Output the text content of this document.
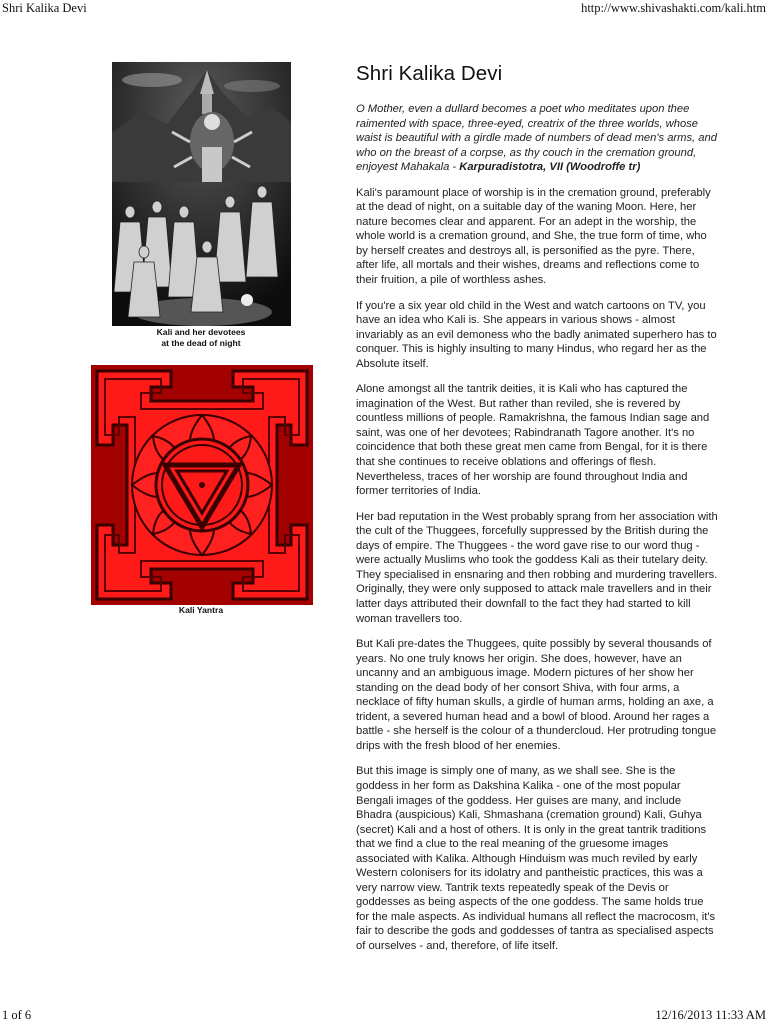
Shri Kalika Devi	http://www.shivashakti.com/kali.htm
Kali and her devotees
at the dead of night
Kali Yantra
Shri Kalika Devi

O Mother, even a dullard becomes a poet who meditates upon thee raimented with space, three-eyed, creatrix of the three worlds, whose waist is beautiful with a girdle made of numbers of dead men's arms, and who on the breast of a corpse, as thy couch in the cremation ground, enjoyest Mahakala - Karpuradistotra, VII (Woodroffe tr)

Kali's paramount place of worship is in the cremation ground, preferably at the dead of night, on a suitable day of the waning Moon. Here, her nature becomes clear and apparent. For an adept in the worship, the whole world is a cremation ground, and She, the true form of time, who by herself creates and destroys all, is personified as the pyre. There, after life, all mortals and their wishes, dreams and reflections come to their fruition, a pile of worthless ashes.

If you're a six year old child in the West and watch cartoons on TV, you have an idea who Kali is. She appears in various shows - almost invariably as an evil demoness who the badly animated superhero has to conquer. This is highly insulting to many Hindus, who regard her as the Absolute itself.

Alone amongst all the tantrik deities, it is Kali who has captured the imagination of the West. But rather than reviled, she is revered by countless millions of people. Ramakrishna, the famous Indian sage and saint, was one of her devotees; Rabindranath Tagore another. It's no coincidence that both these great men came from Bengal, for it is there that she continues to receive oblations and offerings of flesh. Nevertheless, traces of her worship are found throughout India and former territories of India.

Her bad reputation in the West probably sprang from her association with the cult of the Thuggees, forcefully suppressed by the British during the days of empire. The Thuggees - the word gave rise to our word thug - were actually Muslims who took the goddess Kali as their tutelary deity. They specialised in ensnaring and then robbing and murdering travellers. Originally, they were only supposed to attack male travellers and in their latter days attributed their downfall to the fact they had started to kill woman travellers too.

But Kali pre-dates the Thuggees, quite possibly by several thousands of years. No one truly knows her origin. She does, however, have an uncanny and an ambiguous image. Modern pictures of her show her standing on the dead body of her consort Shiva, with four arms, a necklace of fifty human skulls, a girdle of human arms, holding an axe, a trident, a severed human head and a bowl of blood. Around her rages a battle - she herself is the colour of a thundercloud. Her protruding tongue drips with the fresh blood of her enemies.

But this image is simply one of many, as we shall see. She is the goddess in her form as Dakshina Kalika - one of the most popular Bengali images of the goddess. Her guises are many, and include Bhadra (auspicious) Kali, Shmashana (cremation ground) Kali, Guhya (secret) Kali and a host of others. It is only in the great tantrik traditions that we find a clue to the real meaning of the gruesome images associated with Kalika. Although Hinduism was much reviled by early Western colonisers for its idolatry and pantheistic practices, this was a very narrow view. Tantrik texts repeatedly speak of the Devis or goddesses as being aspects of the one goddess. The same holds true for the male aspects. As individual humans all reflect the macrocosm, it's fair to describe the gods and goddesses of tantra as specialised aspects of ourselves - and, therefore, of life itself.

1 of 6	12/16/2013 11:33 AM
